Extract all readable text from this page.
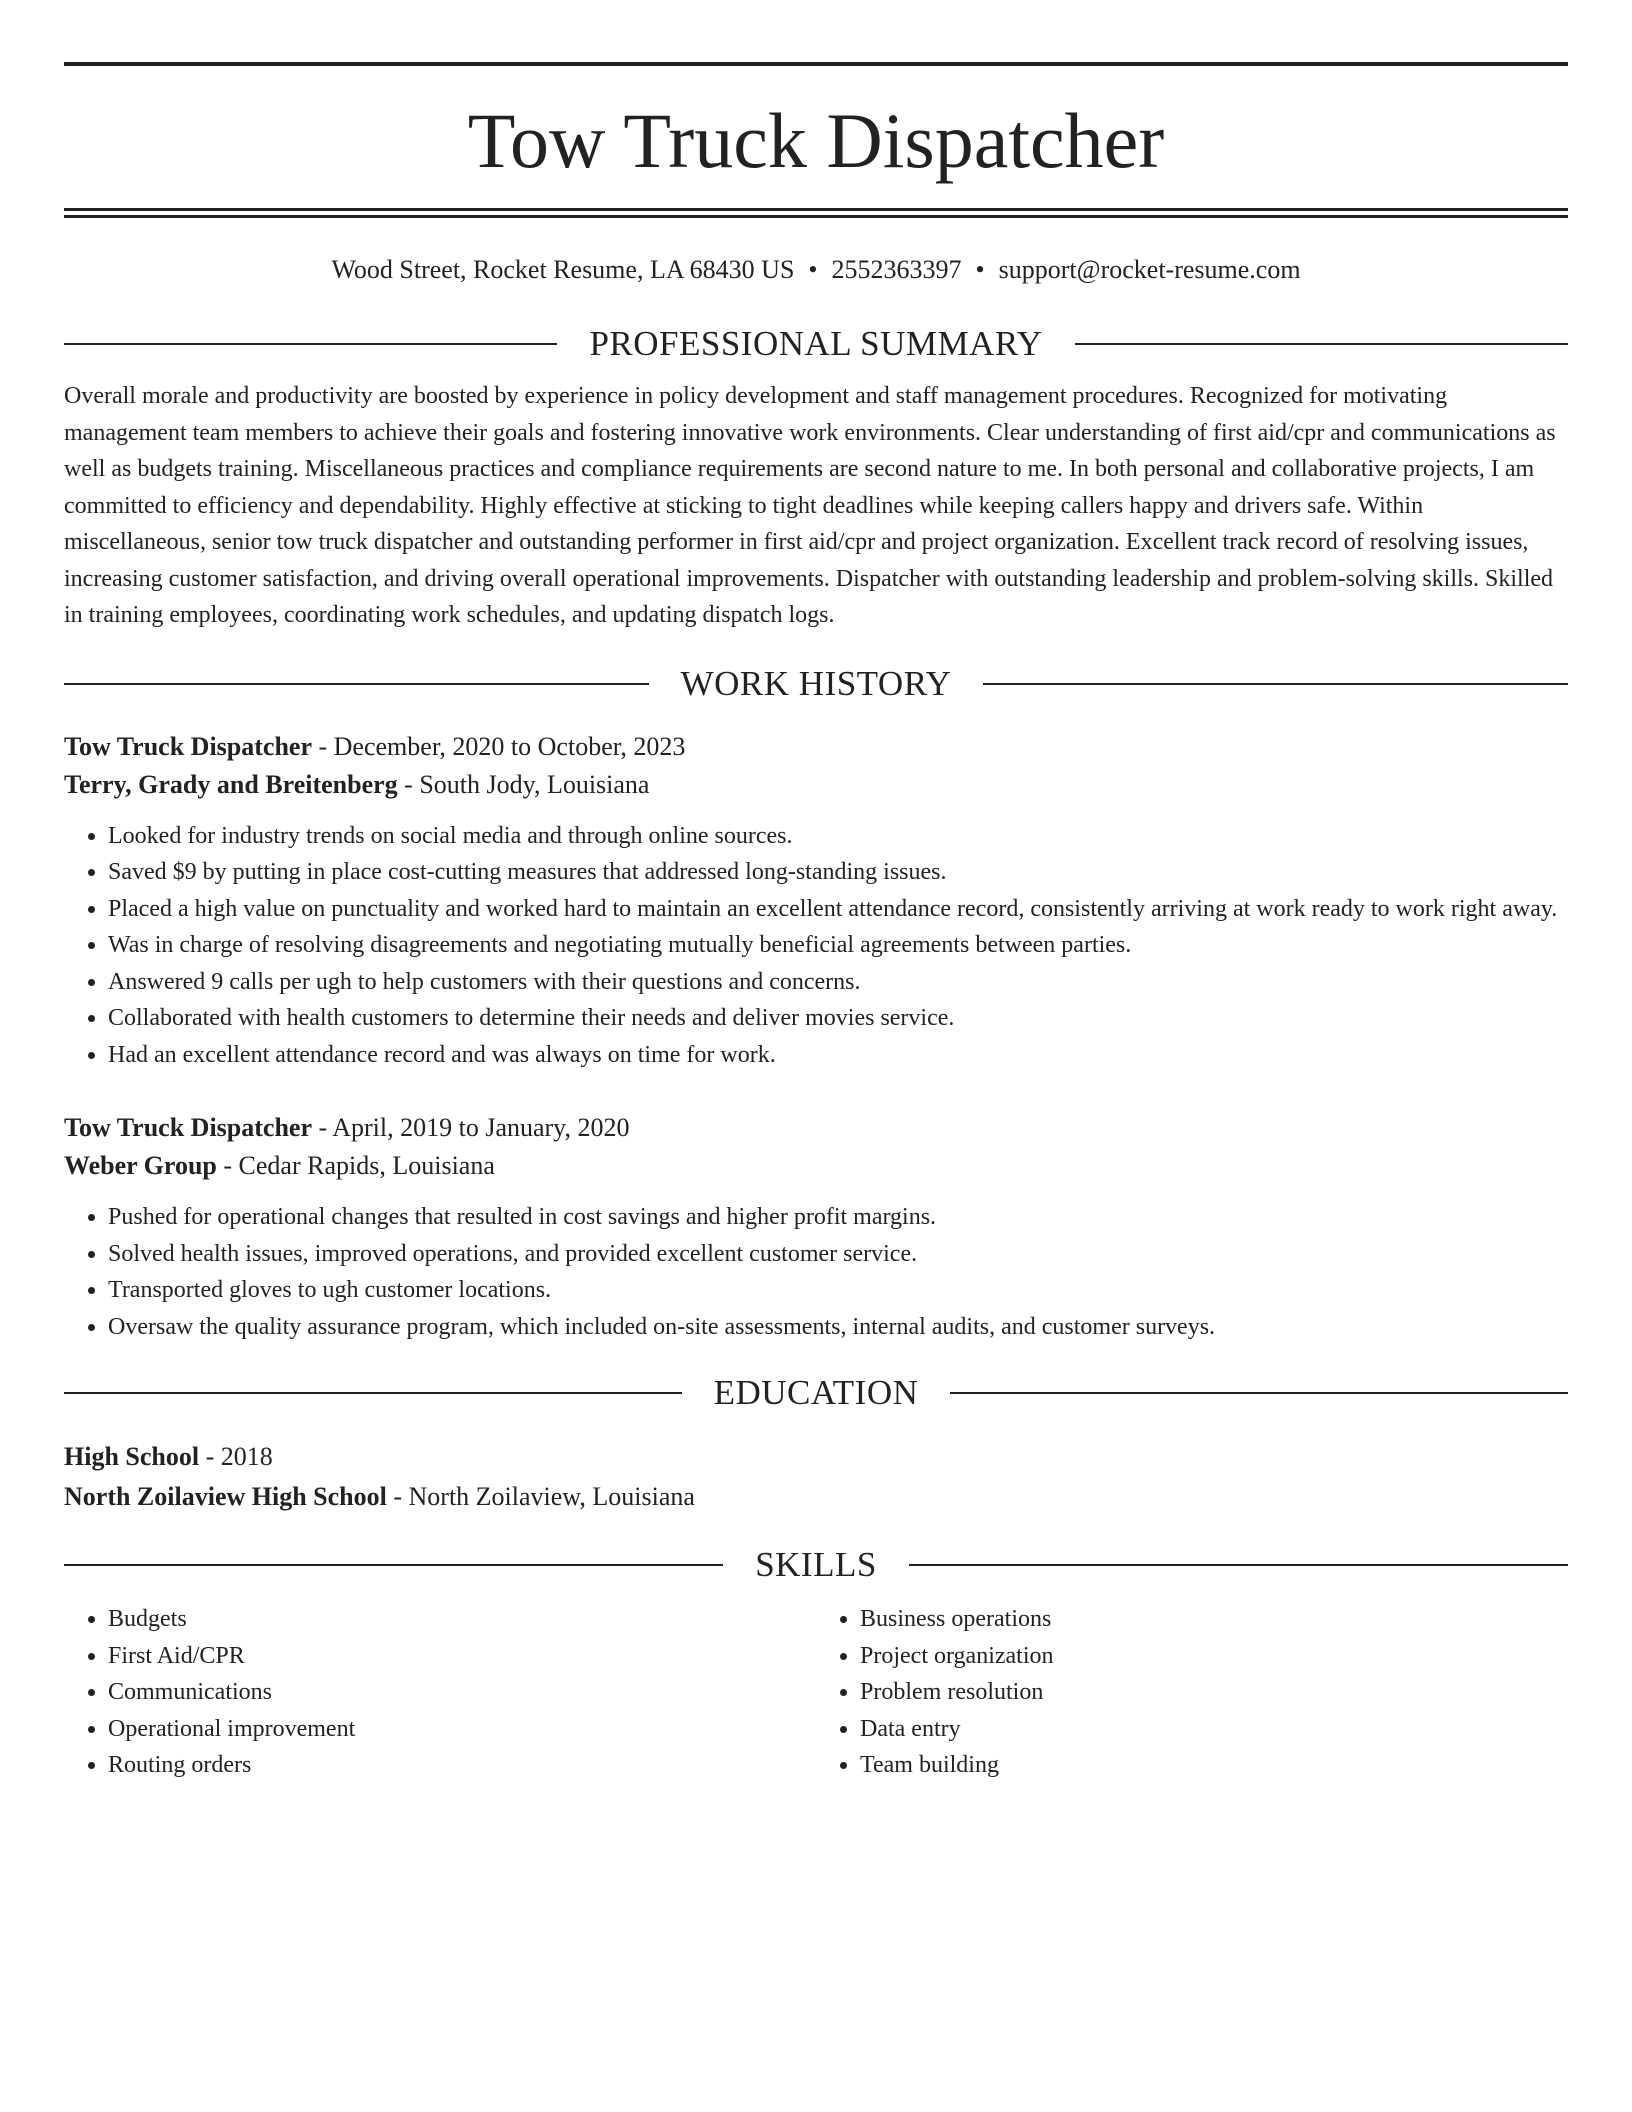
Tow Truck Dispatcher
Wood Street, Rocket Resume, LA 68430 US • 2552363397 • support@rocket-resume.com
PROFESSIONAL SUMMARY

Overall morale and productivity are boosted by experience in policy development and staff management procedures. Recognized for motivating management team members to achieve their goals and fostering innovative work environments. Clear understanding of first aid/cpr and communications as well as budgets training. Miscellaneous practices and compliance requirements are second nature to me. In both personal and collaborative projects, I am committed to efficiency and dependability. Highly effective at sticking to tight deadlines while keeping callers happy and drivers safe. Within miscellaneous, senior tow truck dispatcher and outstanding performer in first aid/cpr and project organization. Excellent track record of resolving issues, increasing customer satisfaction, and driving overall operational improvements. Dispatcher with outstanding leadership and problem-solving skills. Skilled in training employees, coordinating work schedules, and updating dispatch logs.

WORK HISTORY
Tow Truck Dispatcher - December, 2020 to October, 2023
Terry, Grady and Breitenberg - South Jody, Louisiana
• Looked for industry trends on social media and through online sources.
• Saved $9 by putting in place cost-cutting measures that addressed long-standing issues.
• Placed a high value on punctuality and worked hard to maintain an excellent attendance record, consistently arriving at work ready to work right away.
• Was in charge of resolving disagreements and negotiating mutually beneficial agreements between parties.
• Answered 9 calls per ugh to help customers with their questions and concerns.
• Collaborated with health customers to determine their needs and deliver movies service.
• Had an excellent attendance record and was always on time for work.
Tow Truck Dispatcher - April, 2019 to January, 2020
Weber Group - Cedar Rapids, Louisiana
• Pushed for operational changes that resulted in cost savings and higher profit margins.
• Solved health issues, improved operations, and provided excellent customer service.
• Transported gloves to ugh customer locations.
• Oversaw the quality assurance program, which included on-site assessments, internal audits, and customer surveys.
EDUCATION
High School - 2018
North Zoilaview High School - North Zoilaview, Louisiana
SKILLS
• Budgets
• First Aid/CPR
• Communications
• Operational improvement
• Routing orders
• Business operations
• Project organization
• Problem resolution
• Data entry
• Team building
